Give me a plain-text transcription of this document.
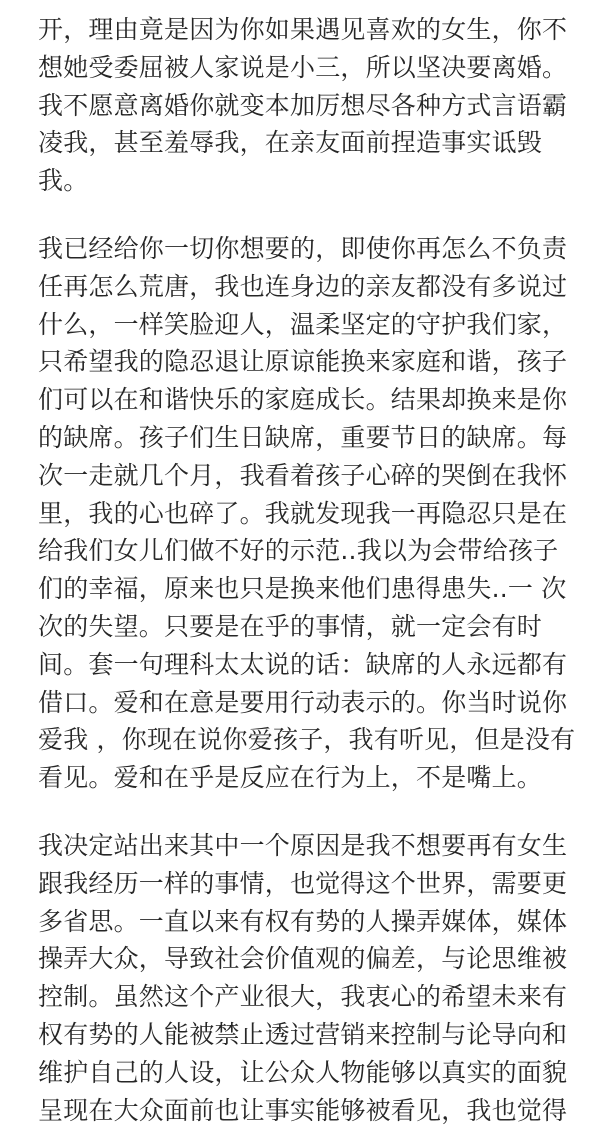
开，理由竟是因为你如果遇见喜欢的女生，你不
想她受委屈被人家说是小三，所以坚决要离婚。
我不愿意离婚你就变本加厉想尽各种方式言语霸
凌我，甚至羞辱我，在亲友面前捏造事实诋毁
我。
我已经给你一切你想要的，即使你再怎么不负责
任再怎么荒唐，我也连身边的亲友都没有多说过
什么，一样笑脸迎人，温柔坚定的守护我们家，
只希望我的隐忍退让原谅能换来家庭和谐，孩子
们可以在和谐快乐的家庭成长。结果却换来是你
的缺席。孩子们生日缺席，重要节日的缺席。每
次一走就几个月，我看着孩子心碎的哭倒在我怀
里，我的心也碎了。我就发现我一再隐忍只是在
给我们女儿们做不好的示范..我以为会带给孩子
们的幸福，原来也只是换来他们患得患失..一 次
次的失望。只要是在乎的事情，就一定会有时
间。套一句理科太太说的话：缺席的人永远都有
借口。爱和在意是要用行动表示的。你当时说你
爱我 ，你现在说你爱孩子，我有听见，但是没有
看见。爱和在乎是反应在行为上，不是嘴上。
我决定站出来其中一个原因是我不想要再有女生
跟我经历一样的事情，也觉得这个世界，需要更
多省思。一直以来有权有势的人操弄媒体，媒体
操弄大众，导致社会价值观的偏差，与论思维被
控制。虽然这个产业很大，我衷心的希望未来有
权有势的人能被禁止透过营销来控制与论导向和
维护自己的人设，让公众人物能够以真实的面貌
呈现在大众面前也让事实能够被看见，我也觉得
